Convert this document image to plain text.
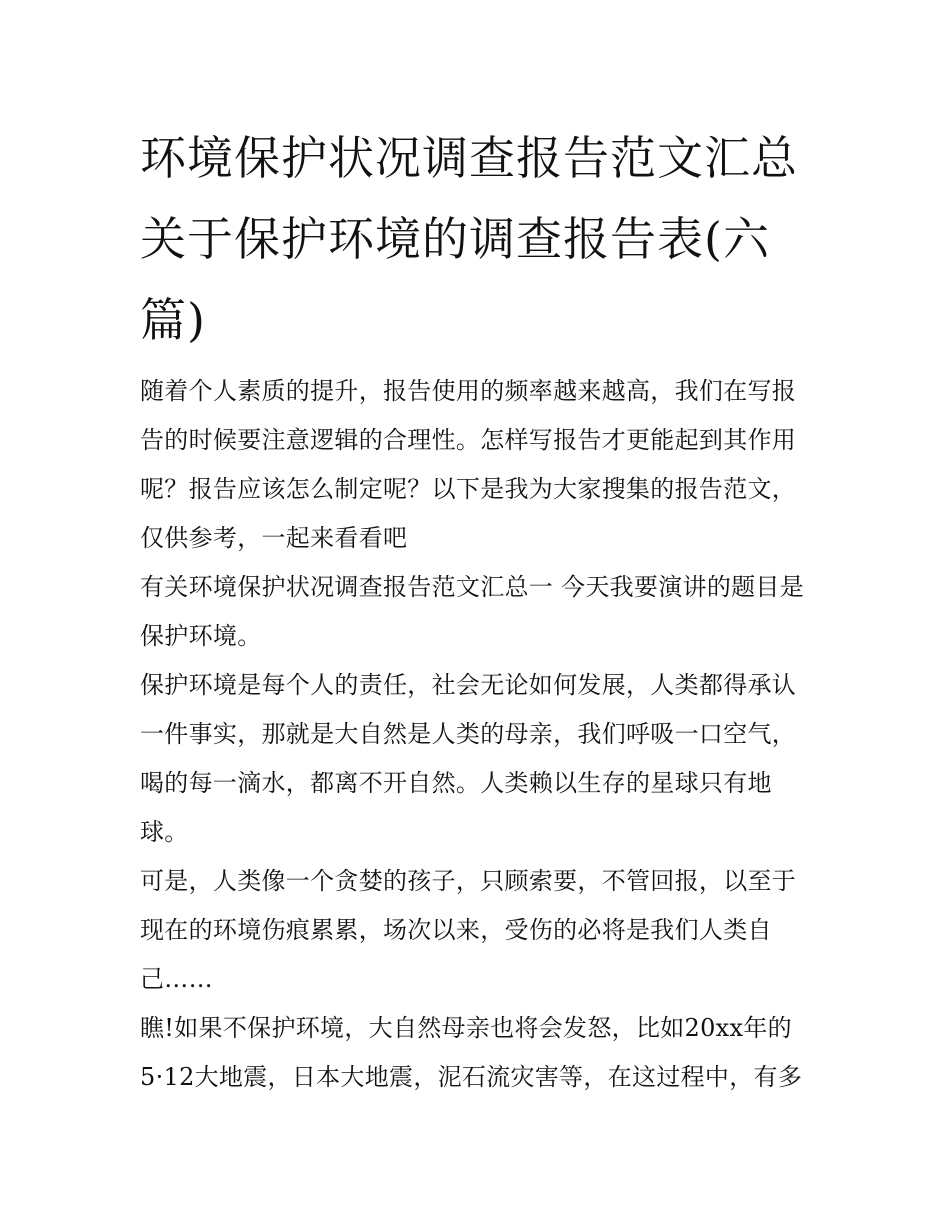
环境保护状况调查报告范文汇总 关于保护环境的调查报告表(六篇)

随着个人素质的提升，报告使用的频率越来越高，我们在写报告的时候要注意逻辑的合理性。怎样写报告才更能起到其作用呢？报告应该怎么制定呢？以下是我为大家搜集的报告范文，仅供参考，一起来看看吧

有关环境保护状况调查报告范文汇总一 今天我要演讲的题目是保护环境。

保护环境是每个人的责任，社会无论如何发展，人类都得承认一件事实，那就是大自然是人类的母亲，我们呼吸一口空气，喝的每一滴水，都离不开自然。人类赖以生存的星球只有地球。

可是，人类像一个贪婪的孩子，只顾索要，不管回报，以至于现在的环境伤痕累累，场次以来，受伤的必将是我们人类自己……

瞧!如果不保护环境，大自然母亲也将会发怒，比如20xx年的5·12大地震，日本大地震，泥石流灾害等，在这过程中，有多
